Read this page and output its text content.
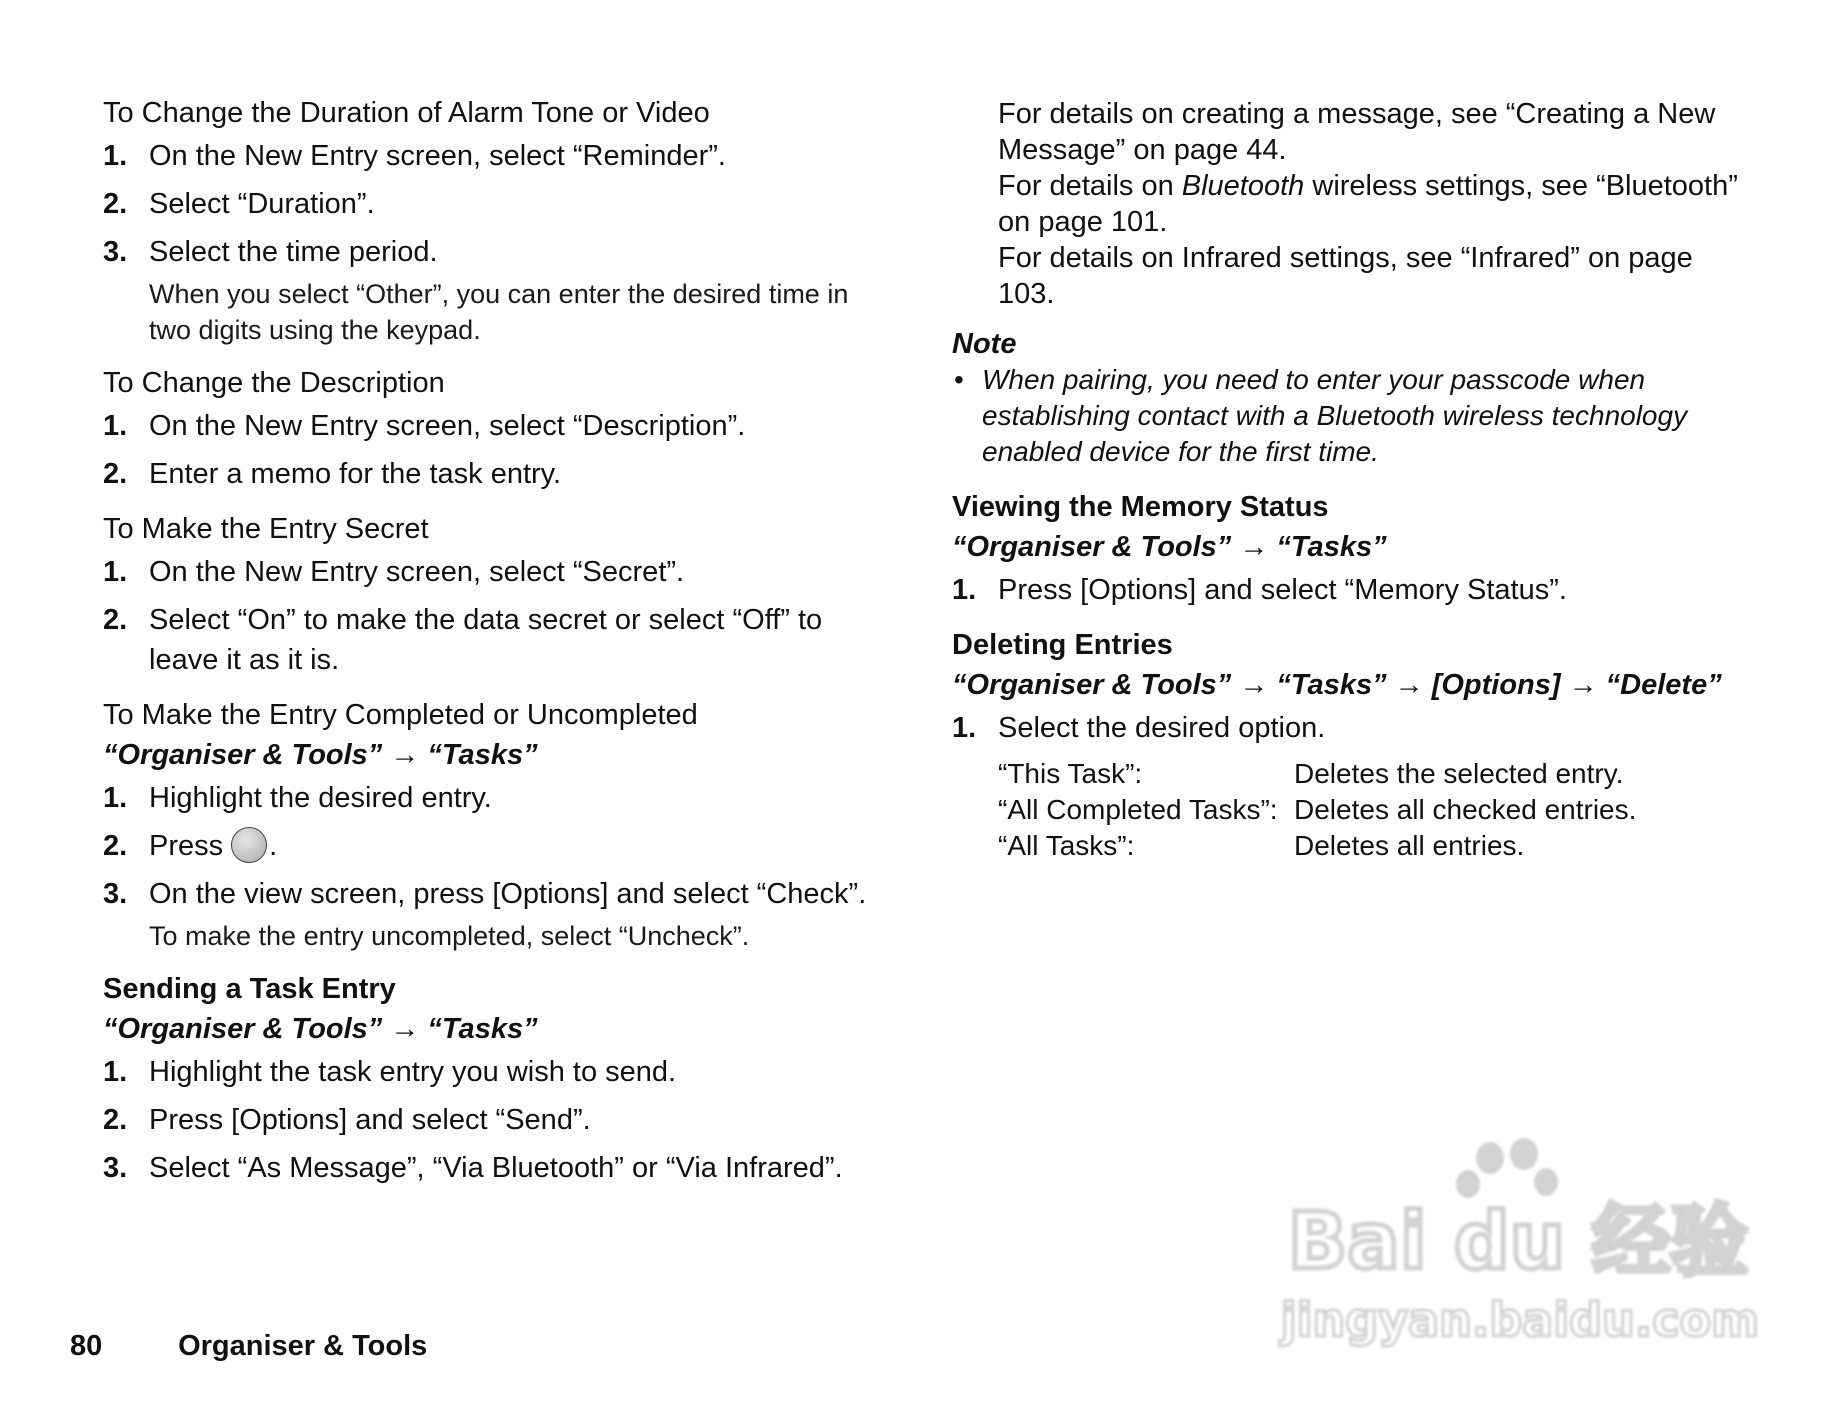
To Change the Duration of Alarm Tone or Video
1. On the New Entry screen, select “Reminder”.
2. Select “Duration”.
3. Select the time period.
When you select “Other”, you can enter the desired time in two digits using the keypad.
To Change the Description
1. On the New Entry screen, select “Description”.
2. Enter a memo for the task entry.
To Make the Entry Secret
1. On the New Entry screen, select “Secret”.
2. Select “On” to make the data secret or select “Off” to leave it as it is.
To Make the Entry Completed or Uncompleted
“Organiser & Tools” → “Tasks”
1. Highlight the desired entry.
2. Press .
3. On the view screen, press [Options] and select “Check”.
To make the entry uncompleted, select “Uncheck”.
Sending a Task Entry
“Organiser & Tools” → “Tasks”
1. Highlight the task entry you wish to send.
2. Press [Options] and select “Send”.
3. Select “As Message”, “Via Bluetooth” or “Via Infrared”.
For details on creating a message, see “Creating a New Message” on page 44.
For details on Bluetooth wireless settings, see “Bluetooth” on page 101.
For details on Infrared settings, see “Infrared” on page 103.
Note
• When pairing, you need to enter your passcode when establishing contact with a Bluetooth wireless technology enabled device for the first time.
Viewing the Memory Status
“Organiser & Tools” → “Tasks”
1. Press [Options] and select “Memory Status”.
Deleting Entries
“Organiser & Tools” → “Tasks” → [Options] → “Delete”
1. Select the desired option.
“This Task”:	Deletes the selected entry.
“All Completed Tasks”:	Deletes all checked entries.
“All Tasks”:	Deletes all entries.
80	Organiser & Tools
Bai du 经验
jingyan.baidu.com
